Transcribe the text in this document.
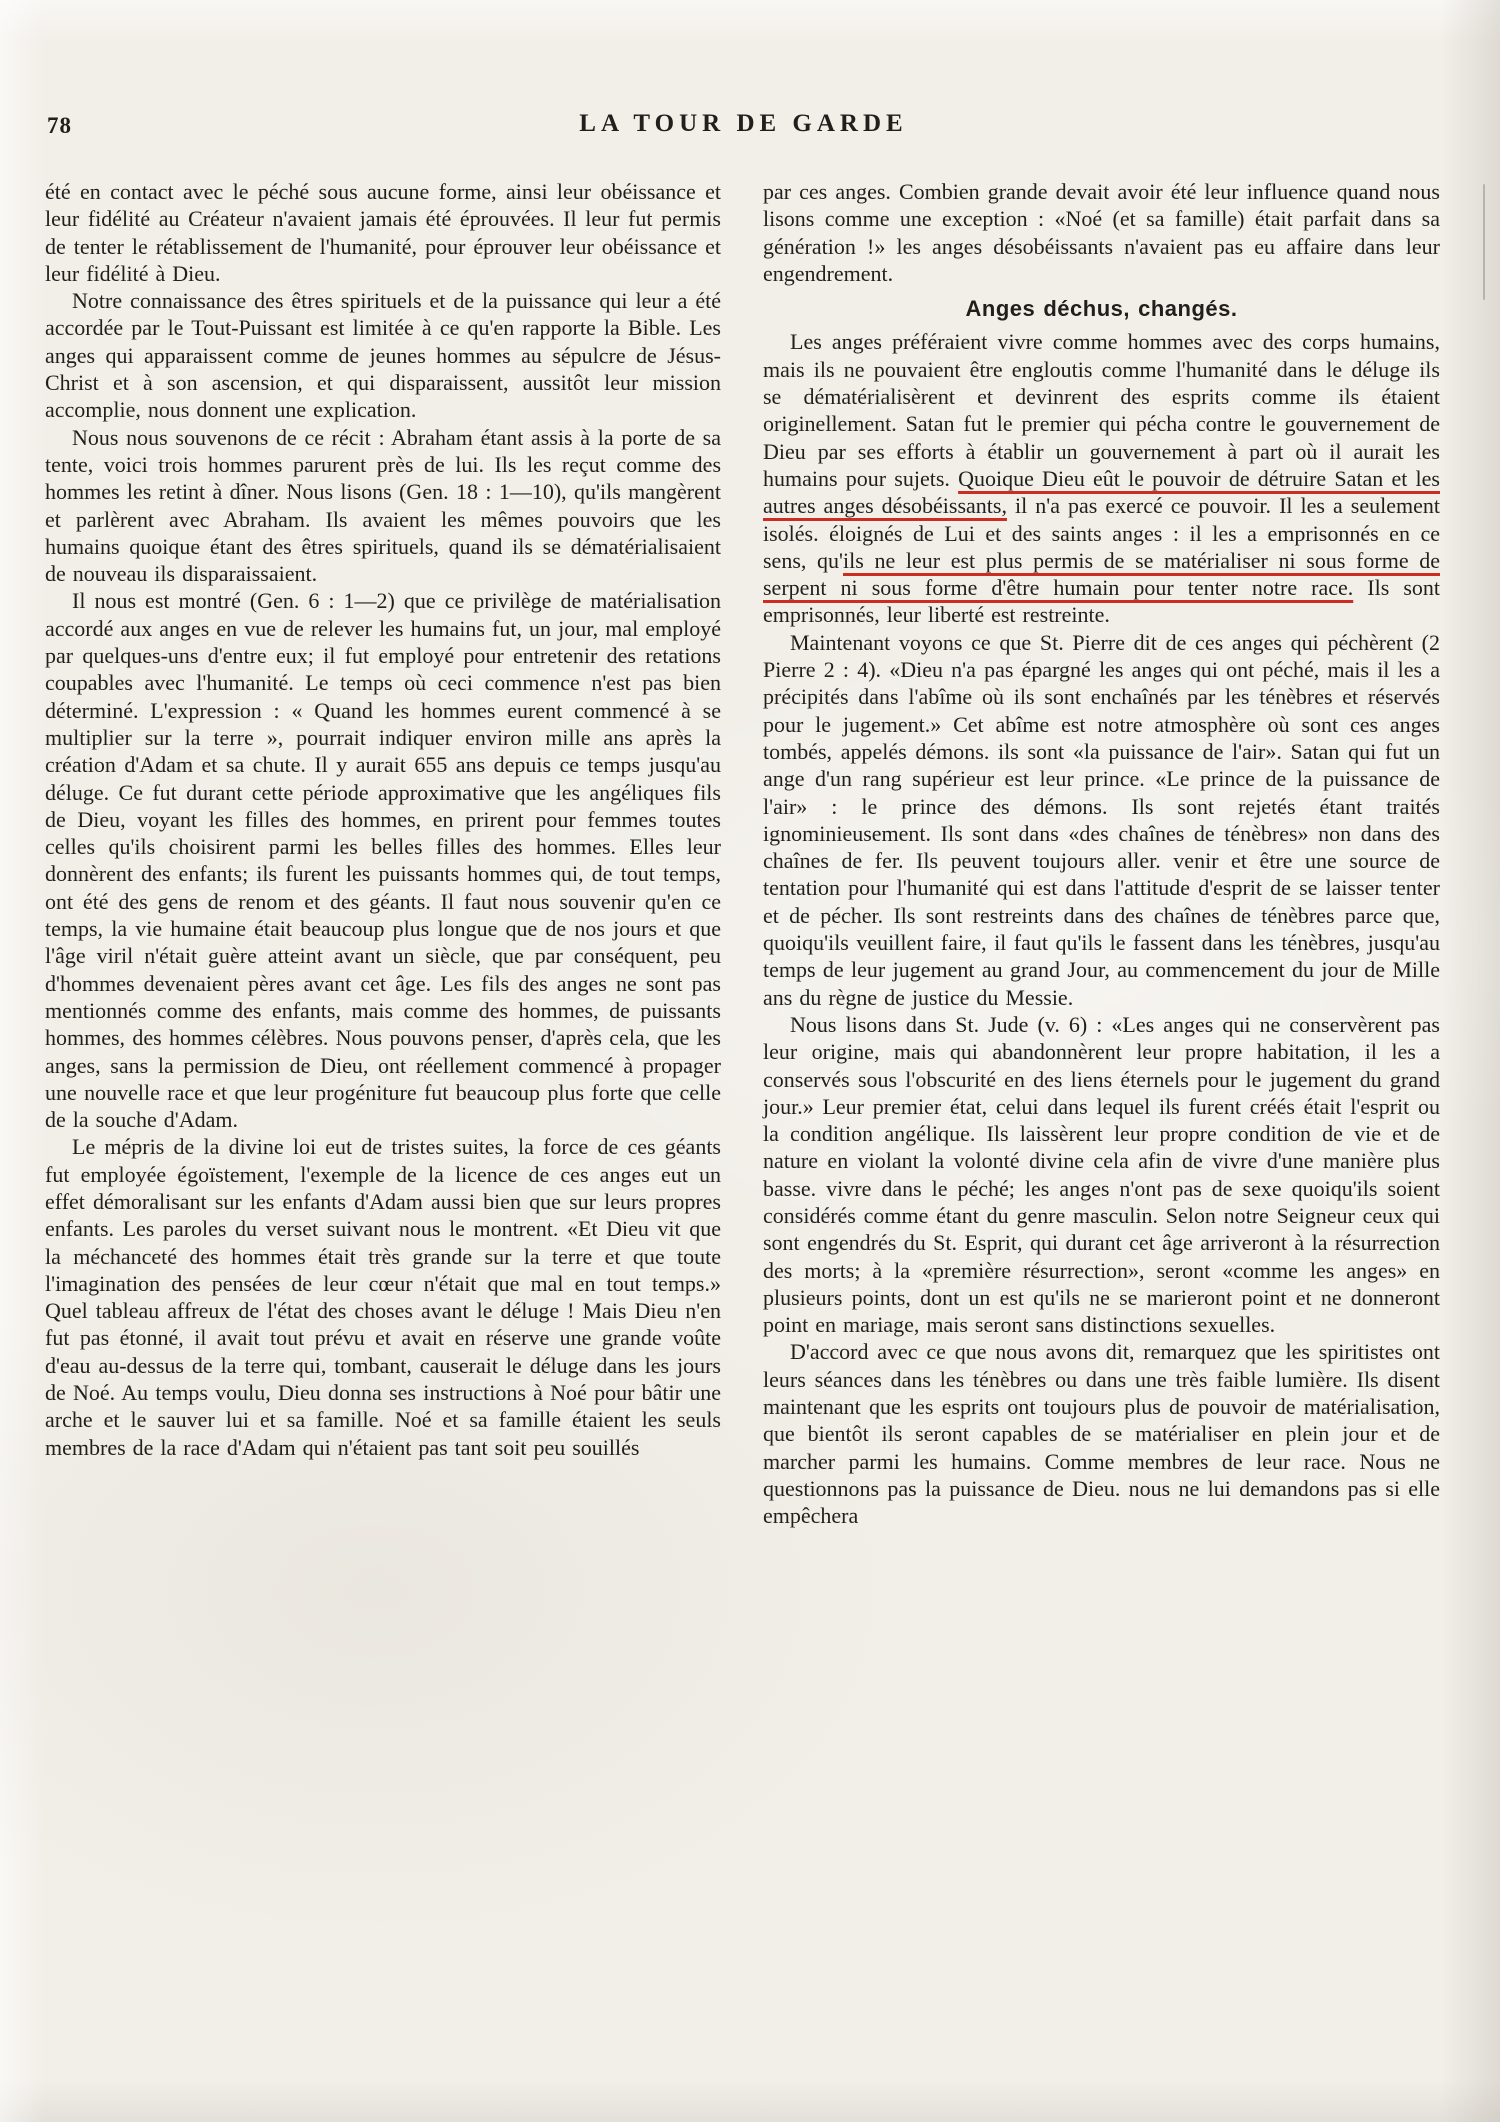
78	LA TOUR DE GARDE

été en contact avec le péché sous aucune forme, ainsi leur obéissance et leur fidélité au Créateur n'avaient jamais été éprouvées. Il leur fut permis de tenter le rétablissement de l'humanité, pour éprouver leur obéissance et leur fidélité à Dieu.

Notre connaissance des êtres spirituels et de la puissance qui leur a été accordée par le Tout-Puissant est limitée à ce qu'en rapporte la Bible. Les anges qui apparaissent comme de jeunes hommes au sépulcre de Jésus-Christ et à son ascension, et qui disparaissent, aussitôt leur mission accomplie, nous donnent une explication.

Nous nous souvenons de ce récit : Abraham étant assis à la porte de sa tente, voici trois hommes parurent près de lui. Ils les reçut comme des hommes les retint à dîner. Nous lisons (Gen. 18 : 1—10), qu'ils mangèrent et parlèrent avec Abraham. Ils avaient les mêmes pouvoirs que les humains quoique étant des êtres spirituels, quand ils se dématérialisaient de nouveau ils disparaissaient.

Il nous est montré (Gen. 6 : 1—2) que ce privilège de matérialisation accordé aux anges en vue de relever les humains fut, un jour, mal employé par quelques-uns d'entre eux; il fut employé pour entretenir des retations coupables avec l'humanité. Le temps où ceci commence n'est pas bien déterminé. L'expression : « Quand les hommes eurent commencé à se multiplier sur la terre », pourrait indiquer environ mille ans après la création d'Adam et sa chute. Il y aurait 655 ans depuis ce temps jusqu'au déluge. Ce fut durant cette période approximative que les angéliques fils de Dieu, voyant les filles des hommes, en prirent pour femmes toutes celles qu'ils choisirent parmi les belles filles des hommes. Elles leur donnèrent des enfants; ils furent les puissants hommes qui, de tout temps, ont été des gens de renom et des géants. Il faut nous souvenir qu'en ce temps, la vie humaine était beaucoup plus longue que de nos jours et que l'âge viril n'était guère atteint avant un siècle, que par conséquent, peu d'hommes devenaient pères avant cet âge. Les fils des anges ne sont pas mentionnés comme des enfants, mais comme des hommes, de puissants hommes, des hommes célèbres. Nous pouvons penser, d'après cela, que les anges, sans la permission de Dieu, ont réellement commencé à propager une nouvelle race et que leur progéniture fut beaucoup plus forte que celle de la souche d'Adam.

Le mépris de la divine loi eut de tristes suites, la force de ces géants fut employée égoïstement, l'exemple de la licence de ces anges eut un effet démoralisant sur les enfants d'Adam aussi bien que sur leurs propres enfants. Les paroles du verset suivant nous le montrent. «Et Dieu vit que la méchanceté des hommes était très grande sur la terre et que toute l'imagination des pensées de leur cœur n'était que mal en tout temps.» Quel tableau affreux de l'état des choses avant le déluge ! Mais Dieu n'en fut pas étonné, il avait tout prévu et avait en réserve une grande voûte d'eau au-dessus de la terre qui, tombant, causerait le déluge dans les jours de Noé. Au temps voulu, Dieu donna ses instructions à Noé pour bâtir une arche et le sauver lui et sa famille. Noé et sa famille étaient les seuls membres de la race d'Adam qui n'étaient pas tant soit peu souillés

par ces anges. Combien grande devait avoir été leur influence quand nous lisons comme une exception : «Noé (et sa famille) était parfait dans sa génération !» les anges désobéissants n'avaient pas eu affaire dans leur engendrement.

Anges déchus, changés.

Les anges préféraient vivre comme hommes avec des corps humains, mais ils ne pouvaient être engloutis comme l'humanité dans le déluge ils se dématérialisèrent et devinrent des esprits comme ils étaient originellement. Satan fut le premier qui pécha contre le gouvernement de Dieu par ses efforts à établir un gouvernement à part où il aurait les humains pour sujets. Quoique Dieu eût le pouvoir de détruire Satan et les autres anges désobéissants, il n'a pas exercé ce pouvoir. Il les a seulement isolés. éloignés de Lui et des saints anges : il les a emprisonnés en ce sens, qu'ils ne leur est plus permis de se matérialiser ni sous forme de serpent ni sous forme d'être humain pour tenter notre race. Ils sont emprisonnés, leur liberté est restreinte.

Maintenant voyons ce que St. Pierre dit de ces anges qui péchèrent (2 Pierre 2 : 4). «Dieu n'a pas épargné les anges qui ont péché, mais il les a précipités dans l'abîme où ils sont enchaînés par les ténèbres et réservés pour le jugement.» Cet abîme est notre atmosphère où sont ces anges tombés, appelés démons. ils sont «la puissance de l'air». Satan qui fut un ange d'un rang supérieur est leur prince. «Le prince de la puissance de l'air» : le prince des démons. Ils sont rejetés étant traités ignominieusement. Ils sont dans «des chaînes de ténèbres» non dans des chaînes de fer. Ils peuvent toujours aller. venir et être une source de tentation pour l'humanité qui est dans l'attitude d'esprit de se laisser tenter et de pécher. Ils sont restreints dans des chaînes de ténèbres parce que, quoiqu'ils veuillent faire, il faut qu'ils le fassent dans les ténèbres, jusqu'au temps de leur jugement au grand Jour, au commencement du jour de Mille ans du règne de justice du Messie.

Nous lisons dans St. Jude (v. 6) : «Les anges qui ne conservèrent pas leur origine, mais qui abandonnèrent leur propre habitation, il les a conservés sous l'obscurité en des liens éternels pour le jugement du grand jour.» Leur premier état, celui dans lequel ils furent créés était l'esprit ou la condition angélique. Ils laissèrent leur propre condition de vie et de nature en violant la volonté divine cela afin de vivre d'une manière plus basse. vivre dans le péché; les anges n'ont pas de sexe quoiqu'ils soient considérés comme étant du genre masculin. Selon notre Seigneur ceux qui sont engendrés du St. Esprit, qui durant cet âge arriveront à la résurrection des morts; à la «première résurrection», seront «comme les anges» en plusieurs points, dont un est qu'ils ne se marieront point et ne donneront point en mariage, mais seront sans distinctions sexuelles.

D'accord avec ce que nous avons dit, remarquez que les spiritistes ont leurs séances dans les ténèbres ou dans une très faible lumière. Ils disent maintenant que les esprits ont toujours plus de pouvoir de matérialisation, que bientôt ils seront capables de se matérialiser en plein jour et de marcher parmi les humains. Comme membres de leur race. Nous ne questionnons pas la puissance de Dieu. nous ne lui demandons pas si elle empêchera
